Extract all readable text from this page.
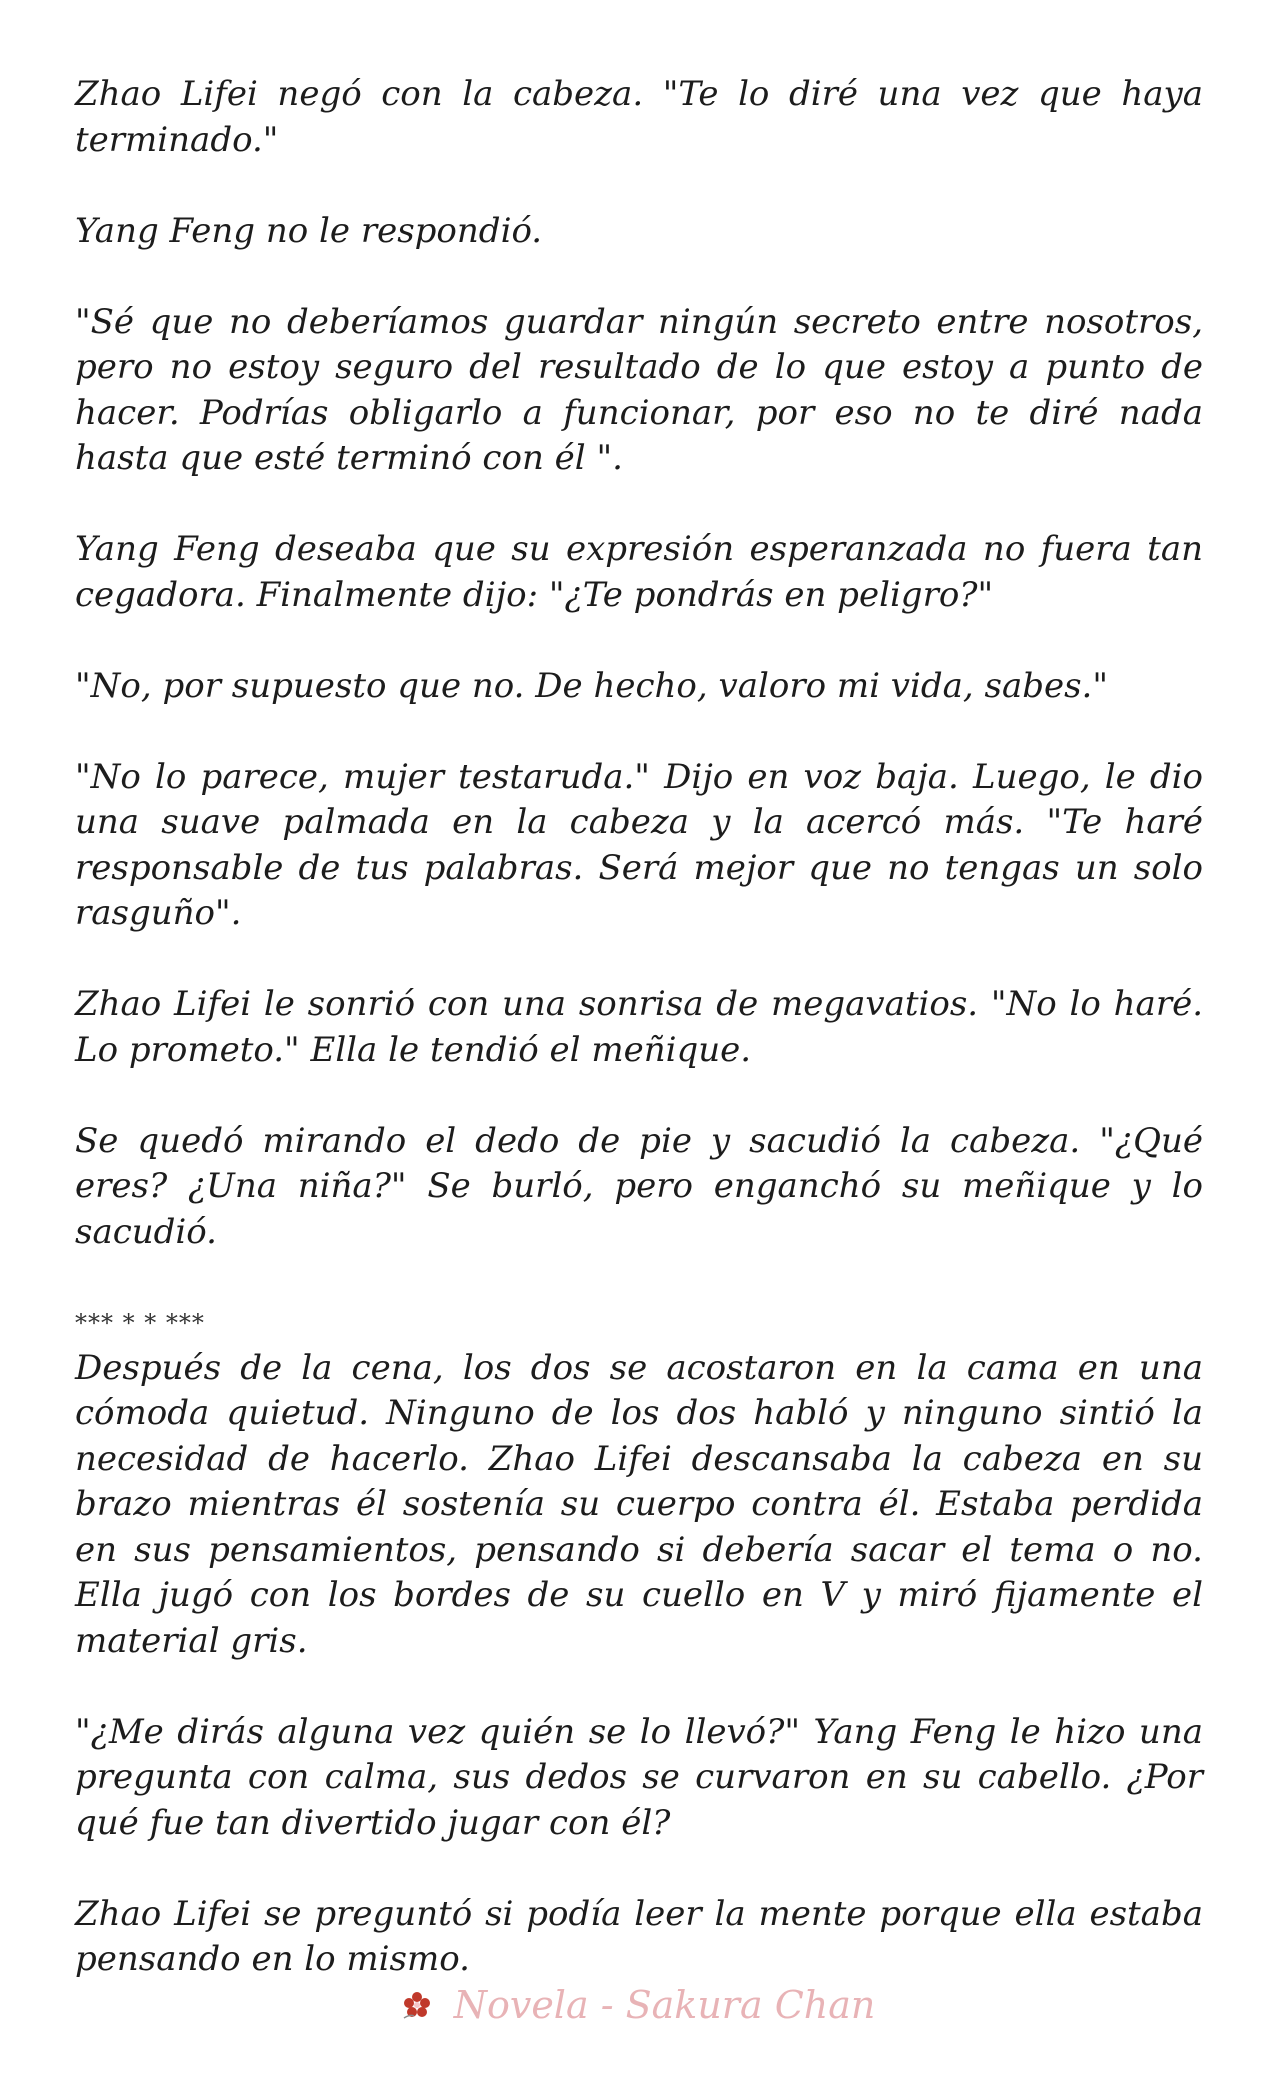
Zhao Lifei negó con la cabeza. "Te lo diré una vez que haya terminado."

Yang Feng no le respondió.

"Sé que no deberíamos guardar ningún secreto entre nosotros, pero no estoy seguro del resultado de lo que estoy a punto de hacer. Podrías obligarlo a funcionar, por eso no te diré nada hasta que esté terminó con él ".

Yang Feng deseaba que su expresión esperanzada no fuera tan cegadora. Finalmente dijo: "¿Te pondrás en peligro?"

"No, por supuesto que no. De hecho, valoro mi vida, sabes."

"No lo parece, mujer testaruda." Dijo en voz baja. Luego, le dio una suave palmada en la cabeza y la acercó más. "Te haré responsable de tus palabras. Será mejor que no tengas un solo rasguño".

Zhao Lifei le sonrió con una sonrisa de megavatios. "No lo haré. Lo prometo." Ella le tendió el meñique.

Se quedó mirando el dedo de pie y sacudió la cabeza. "¿Qué eres? ¿Una niña?" Se burló, pero enganchó su meñique y lo sacudió.

*** * * ***

Después de la cena, los dos se acostaron en la cama en una cómoda quietud. Ninguno de los dos habló y ninguno sintió la necesidad de hacerlo. Zhao Lifei descansaba la cabeza en su brazo mientras él sostenía su cuerpo contra él. Estaba perdida en sus pensamientos, pensando si debería sacar el tema o no. Ella jugó con los bordes de su cuello en V y miró fijamente el material gris.

"¿Me dirás alguna vez quién se lo llevó?" Yang Feng le hizo una pregunta con calma, sus dedos se curvaron en su cabello. ¿Por qué fue tan divertido jugar con él?

Zhao Lifei se preguntó si podía leer la mente porque ella estaba pensando en lo mismo.

Novela - Sakura Chan
